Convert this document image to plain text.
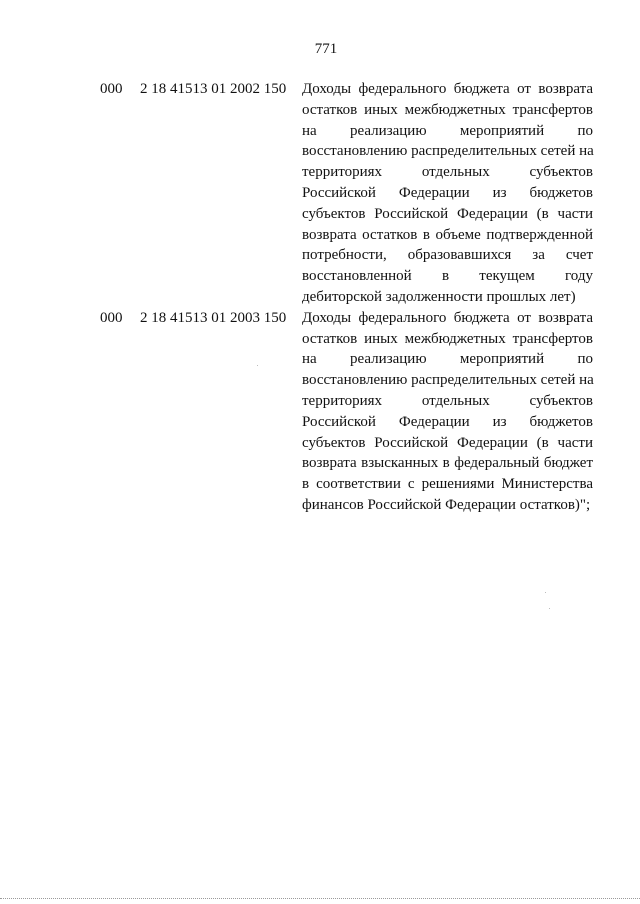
771
000 2 18 41513 01 2002 150 Доходы федерального бюджета от возврата
остатков иных межбюджетных трансфертов
на реализацию мероприятий по
восстановлению распределительных сетей на
территориях отдельных субъектов
Российской Федерации из бюджетов
субъектов Российской Федерации (в части
возврата остатков в объеме подтвержденной
потребности, образовавшихся за счет
восстановленной в текущем году
дебиторской задолженности прошлых лет)
000 2 18 41513 01 2003 150 Доходы федерального бюджета от возврата
остатков иных межбюджетных трансфертов
на реализацию мероприятий по
восстановлению распределительных сетей на
территориях отдельных субъектов
Российской Федерации из бюджетов
субъектов Российской Федерации (в части
возврата взысканных в федеральный бюджет
в соответствии с решениями Министерства
финансов Российской Федерации остатков)";
